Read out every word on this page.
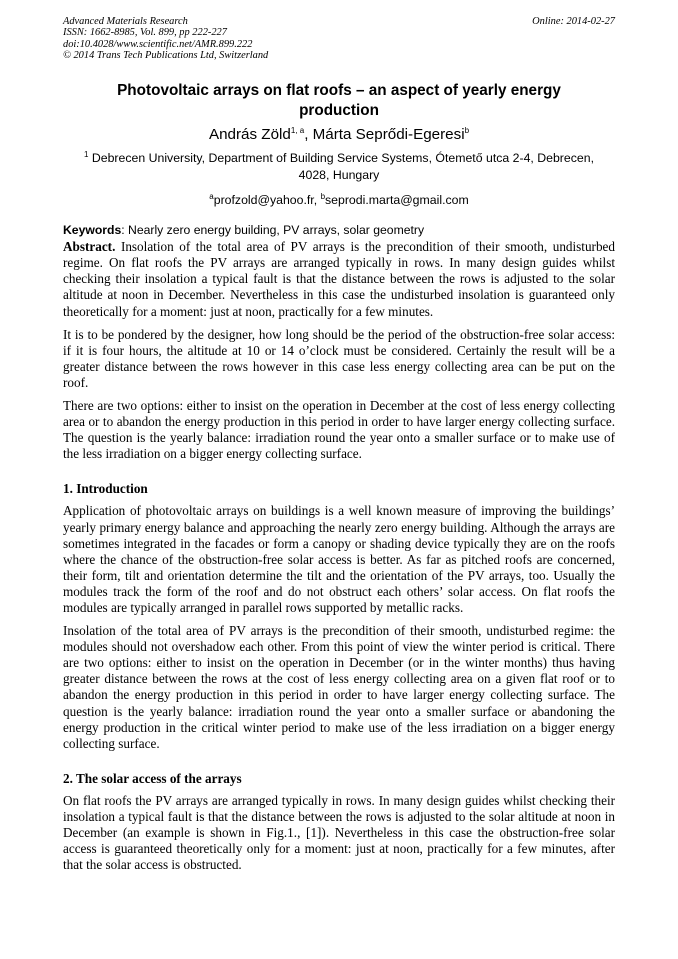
Advanced Materials Research
ISSN: 1662-8985, Vol. 899, pp 222-227
doi:10.4028/www.scientific.net/AMR.899.222
© 2014 Trans Tech Publications Ltd, Switzerland
Online: 2014-02-27
Photovoltaic arrays on flat roofs – an aspect of yearly energy production
András Zöld$^{1, a}$, Márta Seprődi-Egeresi$^b$
$^1$ Debrecen University, Department of Building Service Systems, Ótemető utca 2-4, Debrecen, 4028, Hungary
$^a$profzold@yahoo.fr, $^b$seprodi.marta@gmail.com
Keywords: Nearly zero energy building, PV arrays, solar geometry

Abstract. Insolation of the total area of PV arrays is the precondition of their smooth, undisturbed regime. On flat roofs the PV arrays are arranged typically in rows. In many design guides whilst checking their insolation a typical fault is that the distance between the rows is adjusted to the solar altitude at noon in December. Nevertheless in this case the undisturbed insolation is guaranteed only theoretically for a moment: just at noon, practically for a few minutes.

It is to be pondered by the designer, how long should be the period of the obstruction-free solar access: if it is four hours, the altitude at 10 or 14 o’clock must be considered. Certainly the result will be a greater distance between the rows however in this case less energy collecting area can be put on the roof.

There are two options: either to insist on the operation in December at the cost of less energy collecting area or to abandon the energy production in this period in order to have larger energy collecting surface. The question is the yearly balance: irradiation round the year onto a smaller surface or to make use of the less irradiation on a bigger energy collecting surface.

1. Introduction

Application of photovoltaic arrays on buildings is a well known measure of improving the buildings’ yearly primary energy balance and approaching the nearly zero energy building. Although the arrays are sometimes integrated in the facades or form a canopy or shading device typically they are on the roofs where the chance of the obstruction-free solar access is better. As far as pitched roofs are concerned, their form, tilt and orientation determine the tilt and the orientation of the PV arrays, too. Usually the modules track the form of the roof and do not obstruct each others’ solar access. On flat roofs the modules are typically arranged in parallel rows supported by metallic racks.

Insolation of the total area of PV arrays is the precondition of their smooth, undisturbed regime: the modules should not overshadow each other. From this point of view the winter period is critical. There are two options: either to insist on the operation in December (or in the winter months) thus having greater distance between the rows at the cost of less energy collecting area on a given flat roof or to abandon the energy production in this period in order to have larger energy collecting surface. The question is the yearly balance: irradiation round the year onto a smaller surface or abandoning the energy production in the critical winter period to make use of the less irradiation on a bigger energy collecting surface.

2. The solar access of the arrays

On flat roofs the PV arrays are arranged typically in rows. In many design guides whilst checking their insolation a typical fault is that the distance between the rows is adjusted to the solar altitude at noon in December (an example is shown in Fig.1., [1]). Nevertheless in this case the obstruction-free solar access is guaranteed theoretically only for a moment: just at noon, practically for a few minutes, after that the solar access is obstructed.
